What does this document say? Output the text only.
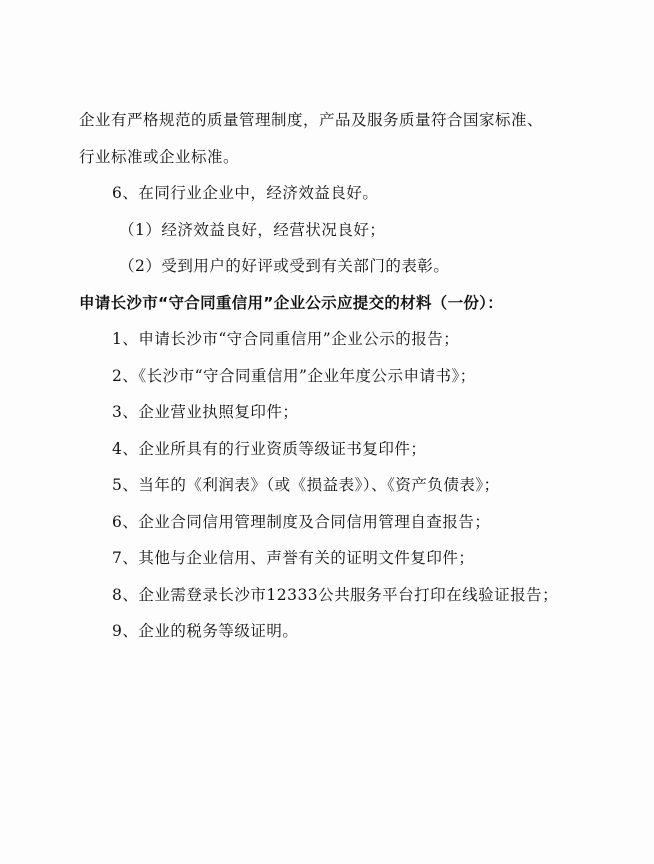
企业有严格规范的质量管理制度，产品及服务质量符合国家标准、
行业标准或企业标准。
6、在同行业企业中，经济效益良好。
（1）经济效益良好，经营状况良好；
（2）受到用户的好评或受到有关部门的表彰。
申请长沙市“守合同重信用”企业公示应提交的材料（一份）：
1、申请长沙市“守合同重信用”企业公示的报告；
2、《长沙市“守合同重信用”企业年度公示申请书》；
3、企业营业执照复印件；
4、企业所具有的行业资质等级证书复印件；
5、当年的《利润表》（或《损益表》）、《资产负债表》；
6、企业合同信用管理制度及合同信用管理自查报告；
7、其他与企业信用、声誉有关的证明文件复印件；
8、企业需登录长沙市12333公共服务平台打印在线验证报告；
9、企业的税务等级证明。
